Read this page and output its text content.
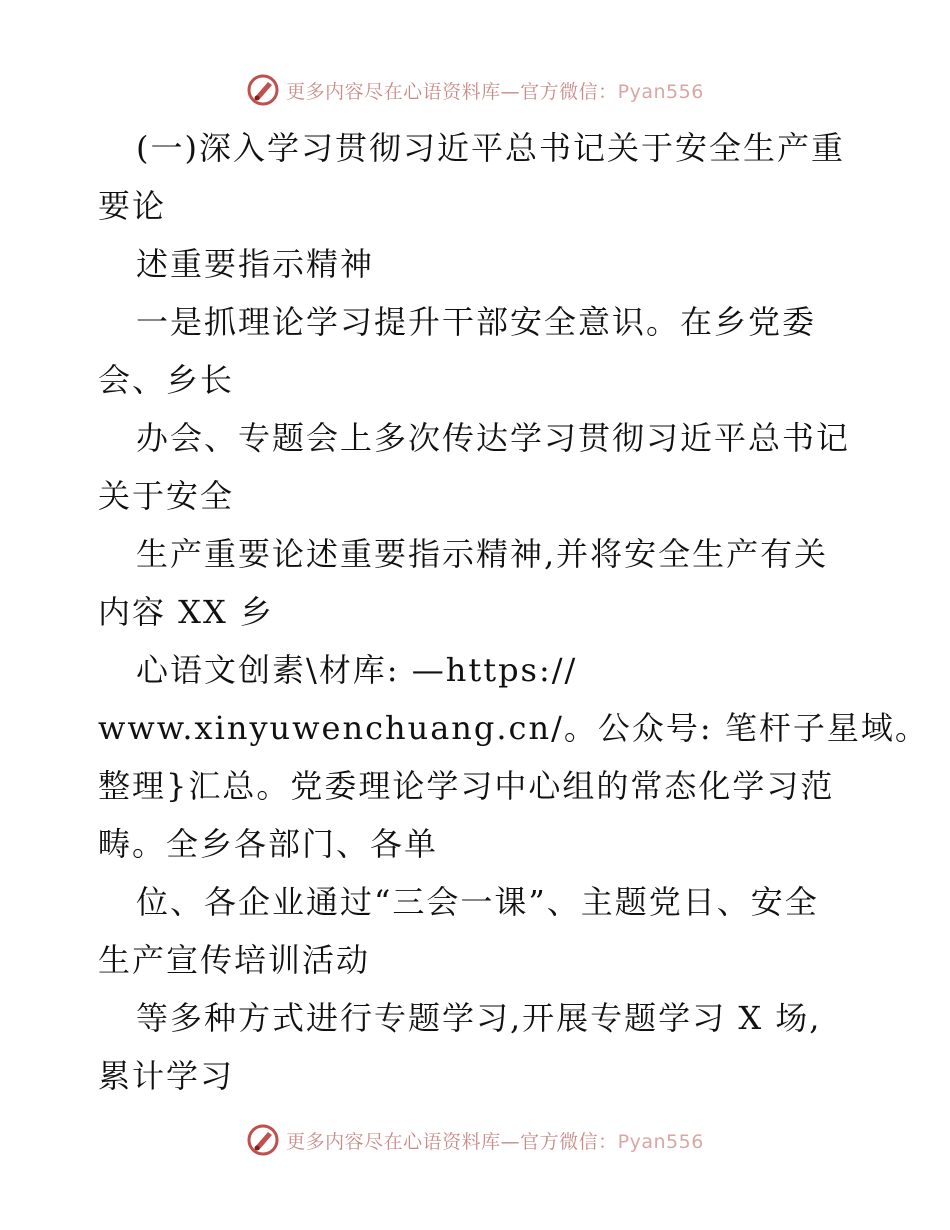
更多内容尽在心语资料库—官方微信：Pyan556
(一)深入学习贯彻习近平总书记关于安全生产重
要论
述重要指示精神
一是抓理论学习提升干部安全意识。在乡党委
会、乡长
办会、专题会上多次传达学习贯彻习近平总书记
关于安全
生产重要论述重要指示精神,并将安全生产有关
内容 XX 乡
心语文创素\材库: —https://
www.xinyuwenchuang.cn/。公众号: 笔杆子星域。
整理}汇总。党委理论学习中心组的常态化学习范
畴。全乡各部门、各单
位、各企业通过“三会一课”、主题党日、安全
生产宣传培训活动
等多种方式进行专题学习,开展专题学习 X 场,
累计学习
更多内容尽在心语资料库—官方微信：Pyan556
